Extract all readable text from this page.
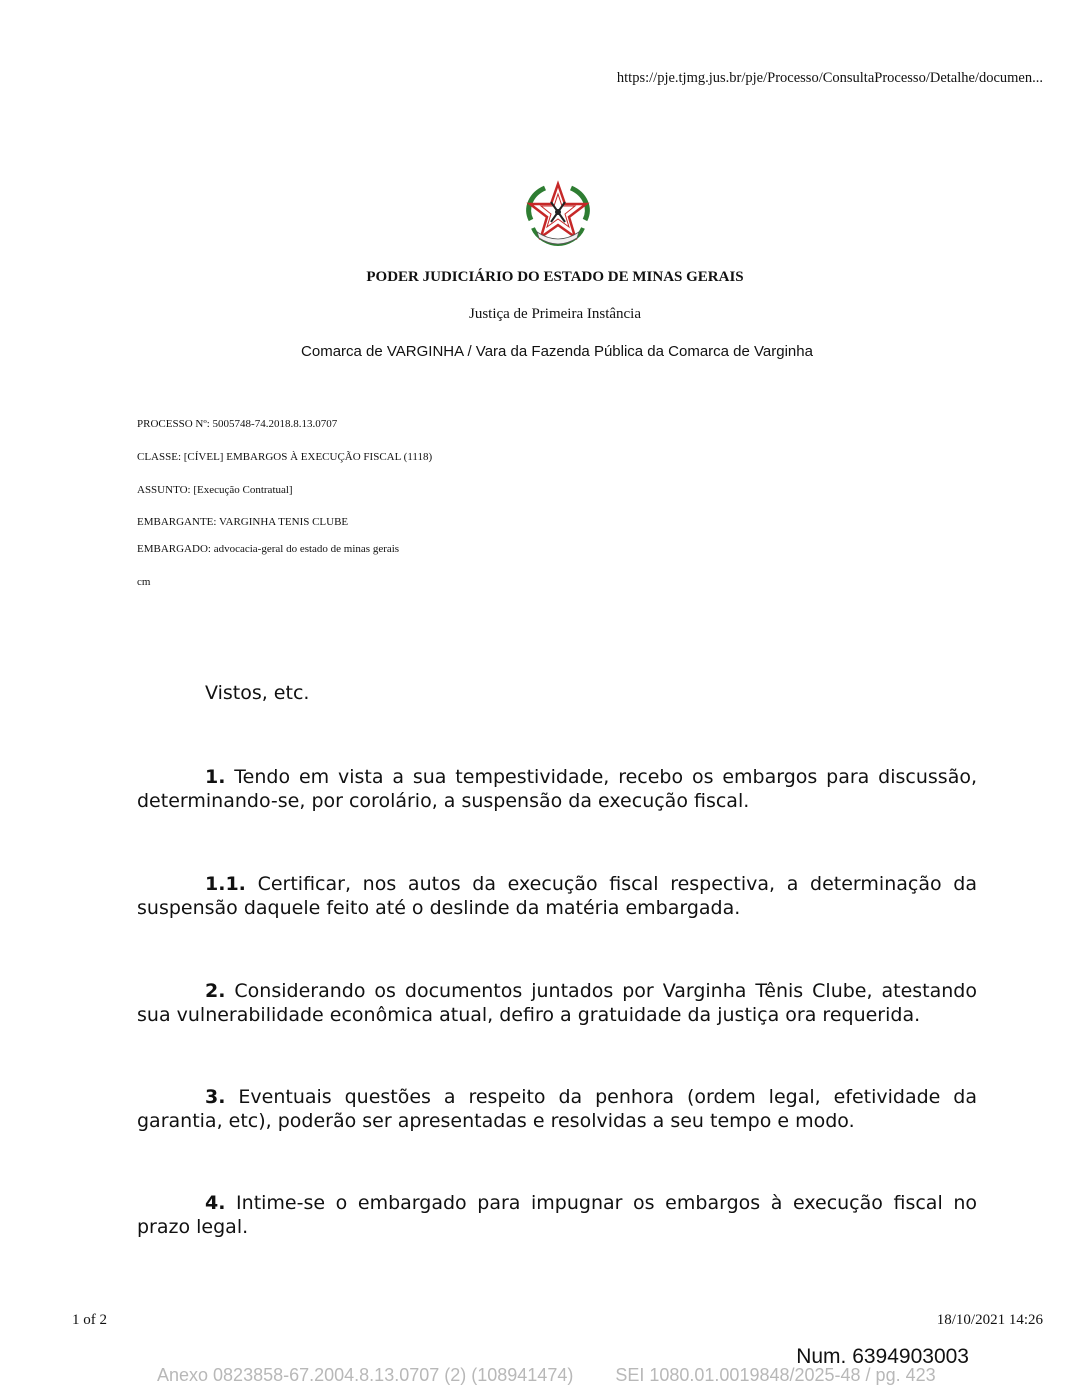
https://pje.tjmg.jus.br/pje/Processo/ConsultaProcesso/Detalhe/documen...
PODER JUDICIÁRIO DO ESTADO DE MINAS GERAIS
Justiça de Primeira Instância
Comarca de VARGINHA / Vara da Fazenda Pública da Comarca de Varginha
PROCESSO Nº: 5005748-74.2018.8.13.0707
CLASSE: [CÍVEL] EMBARGOS À EXECUÇÃO FISCAL (1118)
ASSUNTO: [Execução Contratual]
EMBARGANTE: VARGINHA TENIS CLUBE
EMBARGADO: advocacia-geral do estado de minas gerais
cm
Vistos, etc.
1. Tendo em vista a sua tempestividade, recebo os embargos para discussão, determinando-se, por corolário, a suspensão da execução fiscal.
1.1. Certificar, nos autos da execução fiscal respectiva, a determinação da suspensão daquele feito até o deslinde da matéria embargada.
2. Considerando os documentos juntados por Varginha Tênis Clube, atestando sua vulnerabilidade econômica atual, defiro a gratuidade da justiça ora requerida.
3. Eventuais questões a respeito da penhora (ordem legal, efetividade da garantia, etc), poderão ser apresentadas e resolvidas a seu tempo e modo.
4. Intime-se o embargado para impugnar os embargos à execução fiscal no prazo legal.
1 of 2	18/10/2021 14:26
Num. 6394903003
Anexo 0823858-67.2004.8.13.0707 (2) (108941474) SEI 1080.01.0019848/2025-48 / pg. 423
